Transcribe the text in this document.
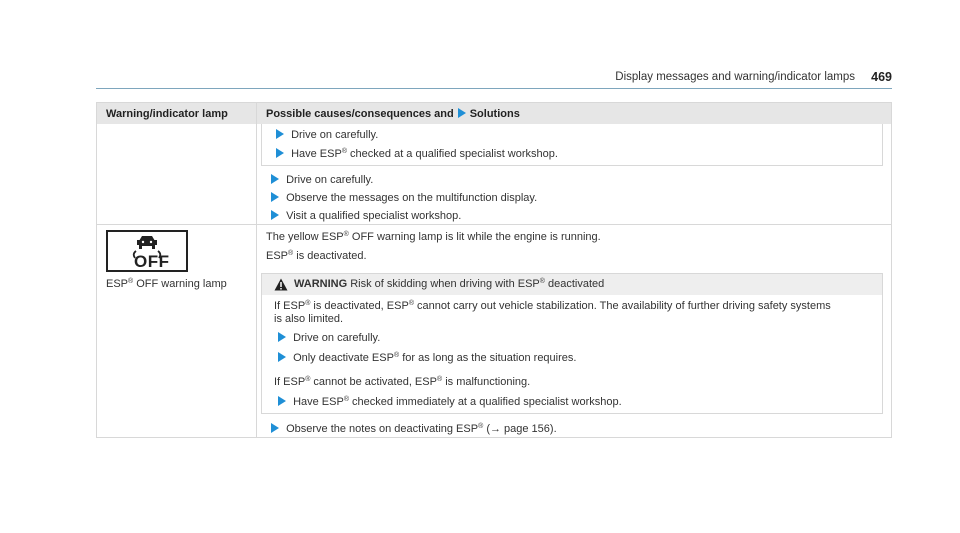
Display messages and warning/indicator lamps 469
Warning/indicator lamp	Possible causes/consequences and Solutions
Drive on carefully.
Have ESP® checked at a qualified specialist workshop.
Drive on carefully.
Observe the messages on the multifunction display.
Visit a qualified specialist workshop.
OFF
ESP® OFF warning lamp
The yellow ESP® OFF warning lamp is lit while the engine is running.
ESP® is deactivated.
WARNING Risk of skidding when driving with ESP® deactivated
If ESP® is deactivated, ESP® cannot carry out vehicle stabilization. The availability of further driving safety systems
is also limited.
Drive on carefully.
Only deactivate ESP® for as long as the situation requires.
If ESP® cannot be activated, ESP® is malfunctioning.
Have ESP® checked immediately at a qualified specialist workshop.
Observe the notes on deactivating ESP® (→ page 156).
